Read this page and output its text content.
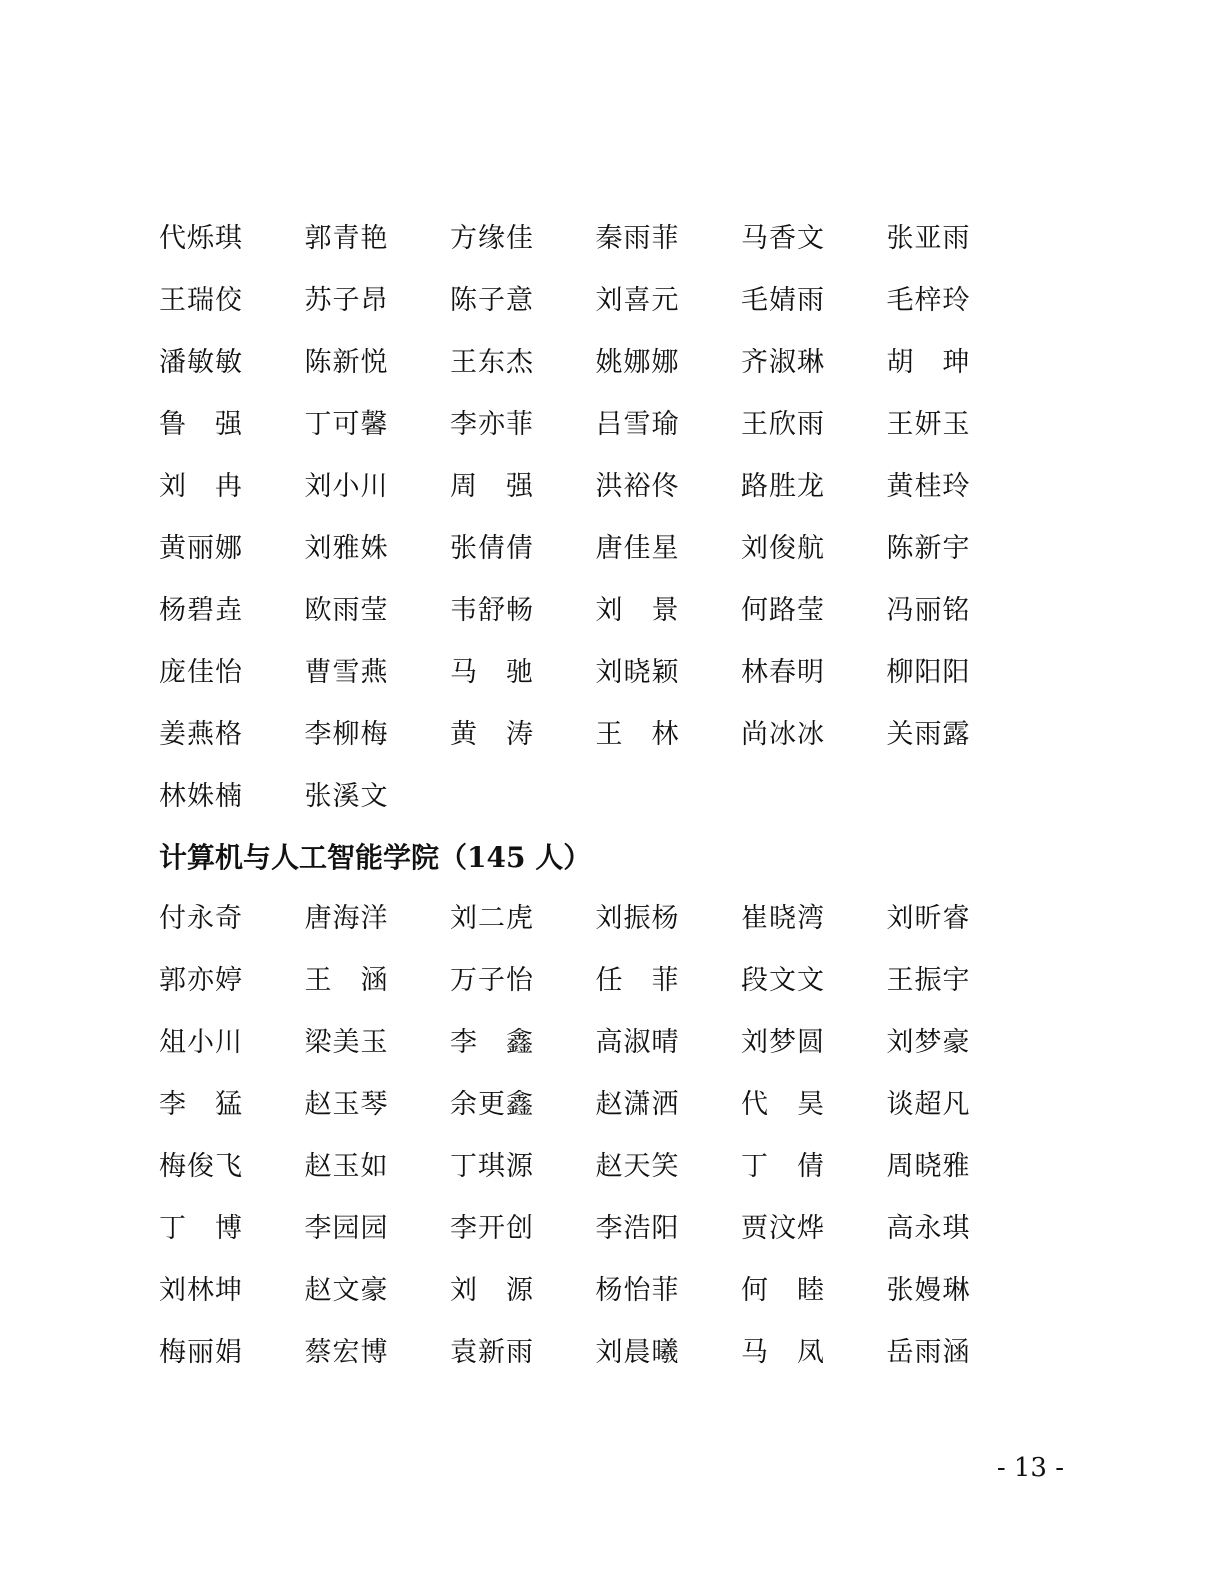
代烁琪	郭青艳	方缘佳	秦雨菲	马香文	张亚雨
王瑞佼	苏子昂	陈子意	刘喜元	毛婧雨	毛梓玲
潘敏敏	陈新悦	王东杰	姚娜娜	齐淑琳	胡　珅
鲁　强	丁可馨	李亦菲	吕雪瑜	王欣雨	王妍玉
刘　冉	刘小川	周　强	洪裕佟	路胜龙	黄桂玲
黄丽娜	刘雅姝	张倩倩	唐佳星	刘俊航	陈新宇
杨碧垚	欧雨莹	韦舒畅	刘　景	何路莹	冯丽铭
庞佳怡	曹雪燕	马　驰	刘晓颖	林春明	柳阳阳
姜燕格	李柳梅	黄　涛	王　林	尚冰冰	关雨露
林姝楠	张溪文
计算机与人工智能学院（145 人）
付永奇	唐海洋	刘二虎	刘振杨	崔晓湾	刘昕睿
郭亦婷	王　涵	万子怡	任　菲	段文文	王振宇
俎小川	梁美玉	李　鑫	高淑晴	刘梦圆	刘梦豪
李　猛	赵玉琴	余更鑫	赵潇洒	代　昊	谈超凡
梅俊飞	赵玉如	丁琪源	赵天笑	丁　倩	周晓雅
丁　博	李园园	李开创	李浩阳	贾汶烨	高永琪
刘林坤	赵文豪	刘　源	杨怡菲	何　睦	张嫚琳
梅丽娟	蔡宏博	袁新雨	刘晨曦	马　凤	岳雨涵
- 13 -
